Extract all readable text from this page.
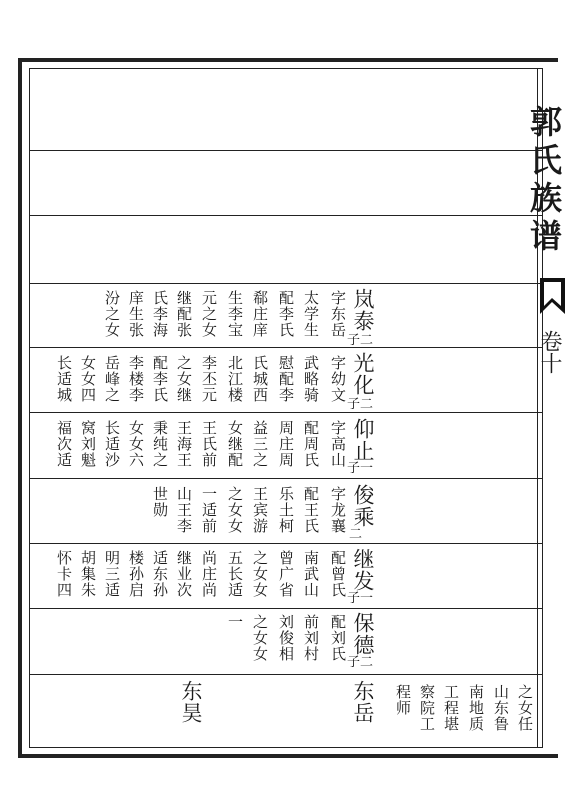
郭氏族谱
卷十
岚泰
子二
字东岳
太学生
配李氏
郗庄庠
生李宝
元之女
继配张
氏李海
庠生张
汾之女
光化
子二
字幼文
武略骑
慰配李
氏城西
北江楼
李丕元
之女继
配李氏
李楼李
岳峰之
女女四
长适城
仰止
子一
字高山
配周氏
周庄周
益三之
女继配
王氏前
王海王
秉纯之
女女六
长适沙
窝刘魁
福次适
俊乘
二
字龙襄
配王氏
乐土柯
王宾游
之女女
一适前
山王李
世勋
继发
子一
配曾氏
南武山
曾广省
之女女
五长适
尚庄尚
继业次
适东孙
楼孙启
明三适
胡集朱
怀卡四
保德
子二
配刘氏
前刘村
刘俊相
之女女
一
东岳	之女任
山东鲁
南地质
工程堪
察院工
程师
东昊
